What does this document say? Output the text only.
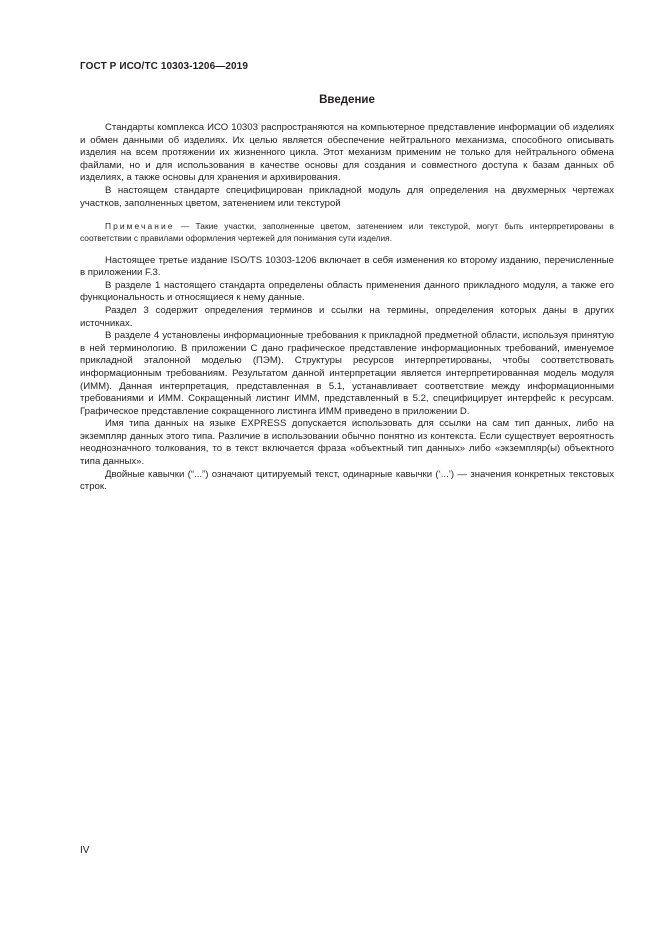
ГОСТ Р ИСО/ТС 10303-1206—2019
Введение

Стандарты комплекса ИСО 10303 распространяются на компьютерное представление информации об изделиях и обмен данными об изделиях. Их целью является обеспечение нейтрального механизма, способного описывать изделия на всем протяжении их жизненного цикла. Этот механизм применим не только для нейтрального обмена файлами, но и для использования в качестве основы для создания и совместного доступа к базам данных об изделиях, а также основы для хранения и архивирования.

В настоящем стандарте специфицирован прикладной модуль для определения на двухмерных чертежах участков, заполненных цветом, затенением или текстурой

Примечание — Такие участки, заполненные цветом, затенением или текстурой, могут быть интерпретированы в соответствии с правилами оформления чертежей для понимания сути изделия.

Настоящее третье издание ISO/TS 10303-1206 включает в себя изменения ко второму изданию, перечисленные в приложении F.3.

В разделе 1 настоящего стандарта определены область применения данного прикладного модуля, а также его функциональность и относящиеся к нему данные.

Раздел 3 содержит определения терминов и ссылки на термины, определения которых даны в других источниках.

В разделе 4 установлены информационные требования к прикладной предметной области, используя принятую в ней терминологию. В приложении С дано графическое представление информационных требований, именуемое прикладной эталонной моделью (ПЭМ). Структуры ресурсов интерпретированы, чтобы соответствовать информационным требованиям. Результатом данной интерпретации является интерпретированная модель модуля (ИММ). Данная интерпретация, представленная в 5.1, устанавливает соответствие между информационными требованиями и ИММ. Сокращенный листинг ИММ, представленный в 5.2, специфицирует интерфейс к ресурсам. Графическое представление сокращенного листинга ИММ приведено в приложении D.

Имя типа данных на языке EXPRESS допускается использовать для ссылки на сам тип данных, либо на экземпляр данных этого типа. Различие в использовании обычно понятно из контекста. Если существует вероятность неоднозначного толкования, то в текст включается фраза «объектный тип данных» либо «экземпляр(ы) объектного типа данных».

Двойные кавычки (“...”) означают цитируемый текст, одинарные кавычки (‘...’) — значения конкретных текстовых строк.

IV
